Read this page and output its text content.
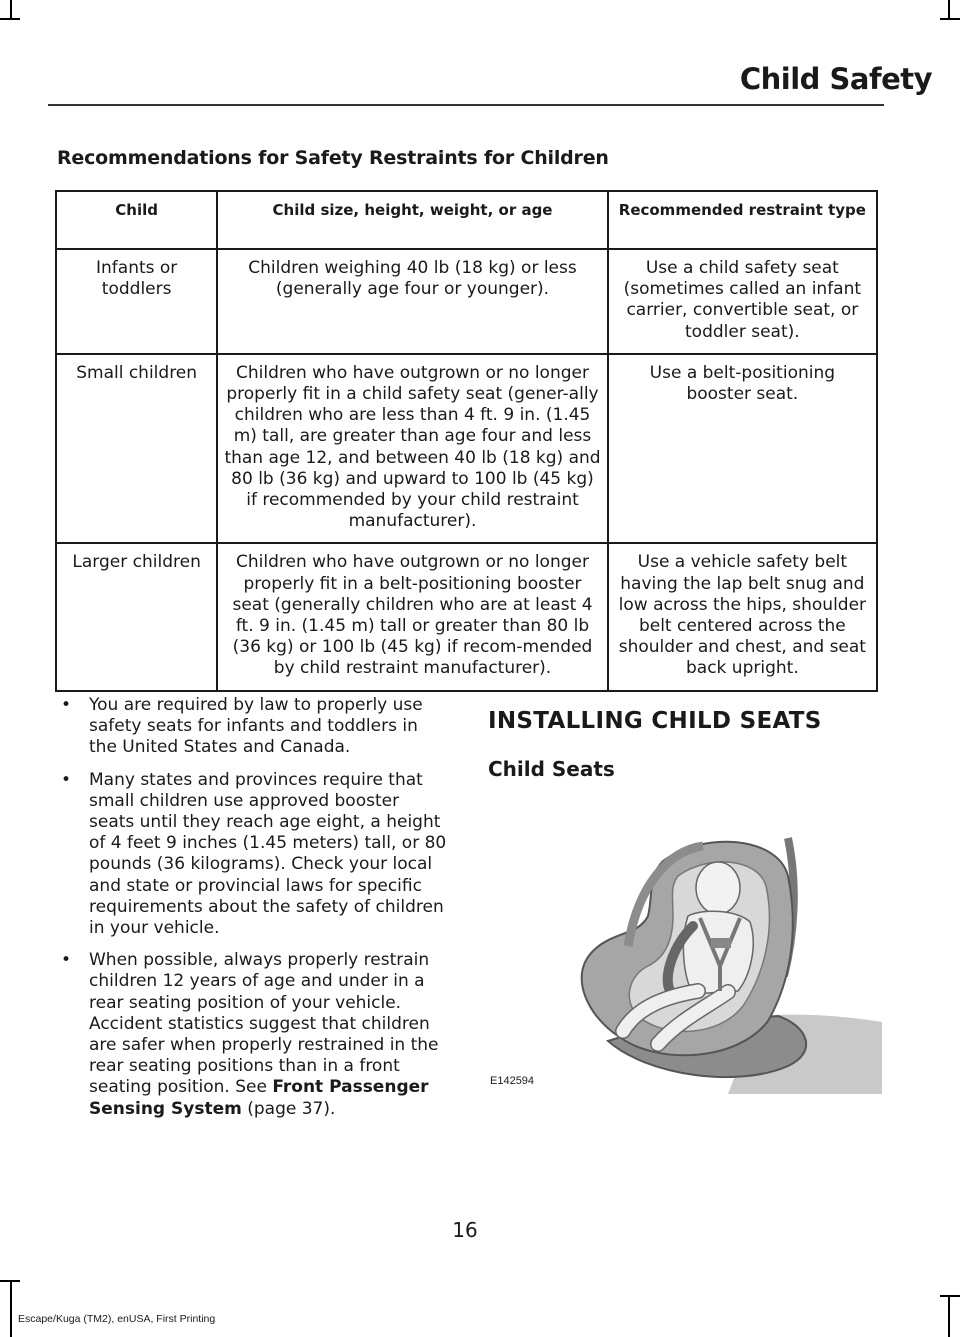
Child Safety
Recommendations for Safety Restraints for Children
Child	Child size, height, weight, or age	Recommended restraint type
Infants or toddlers	Children weighing 40 lb (18 kg) or less (generally age four or younger).	Use a child safety seat (sometimes called an infant carrier, convertible seat, or toddler seat).
Small children	Children who have outgrown or no longer properly fit in a child safety seat (gener-ally children who are less than 4 ft. 9 in. (1.45 m) tall, are greater than age four and less than age 12, and between 40 lb (18 kg) and 80 lb (36 kg) and upward to 100 lb (45 kg) if recommended by your child restraint manufacturer).	Use a belt-positioning booster seat.
Larger children	Children who have outgrown or no longer properly fit in a belt-positioning booster seat (generally children who are at least 4 ft. 9 in. (1.45 m) tall or greater than 80 lb (36 kg) or 100 lb (45 kg) if recom-mended by child restraint manufacturer).	Use a vehicle safety belt having the lap belt snug and low across the hips, shoulder belt centered across the shoulder and chest, and seat back upright.
• You are required by law to properly use safety seats for infants and toddlers in the United States and Canada.
• Many states and provinces require that small children use approved booster seats until they reach age eight, a height of 4 feet 9 inches (1.45 meters) tall, or 80 pounds (36 kilograms). Check your local and state or provincial laws for specific requirements about the safety of children in your vehicle.
• When possible, always properly restrain children 12 years of age and under in a rear seating position of your vehicle. Accident statistics suggest that children are safer when properly restrained in the rear seating positions than in a front seating position. See Front Passenger Sensing System (page 37).
INSTALLING CHILD SEATS
Child Seats
E142594
16
Escape/Kuga (TM2), enUSA, First Printing
